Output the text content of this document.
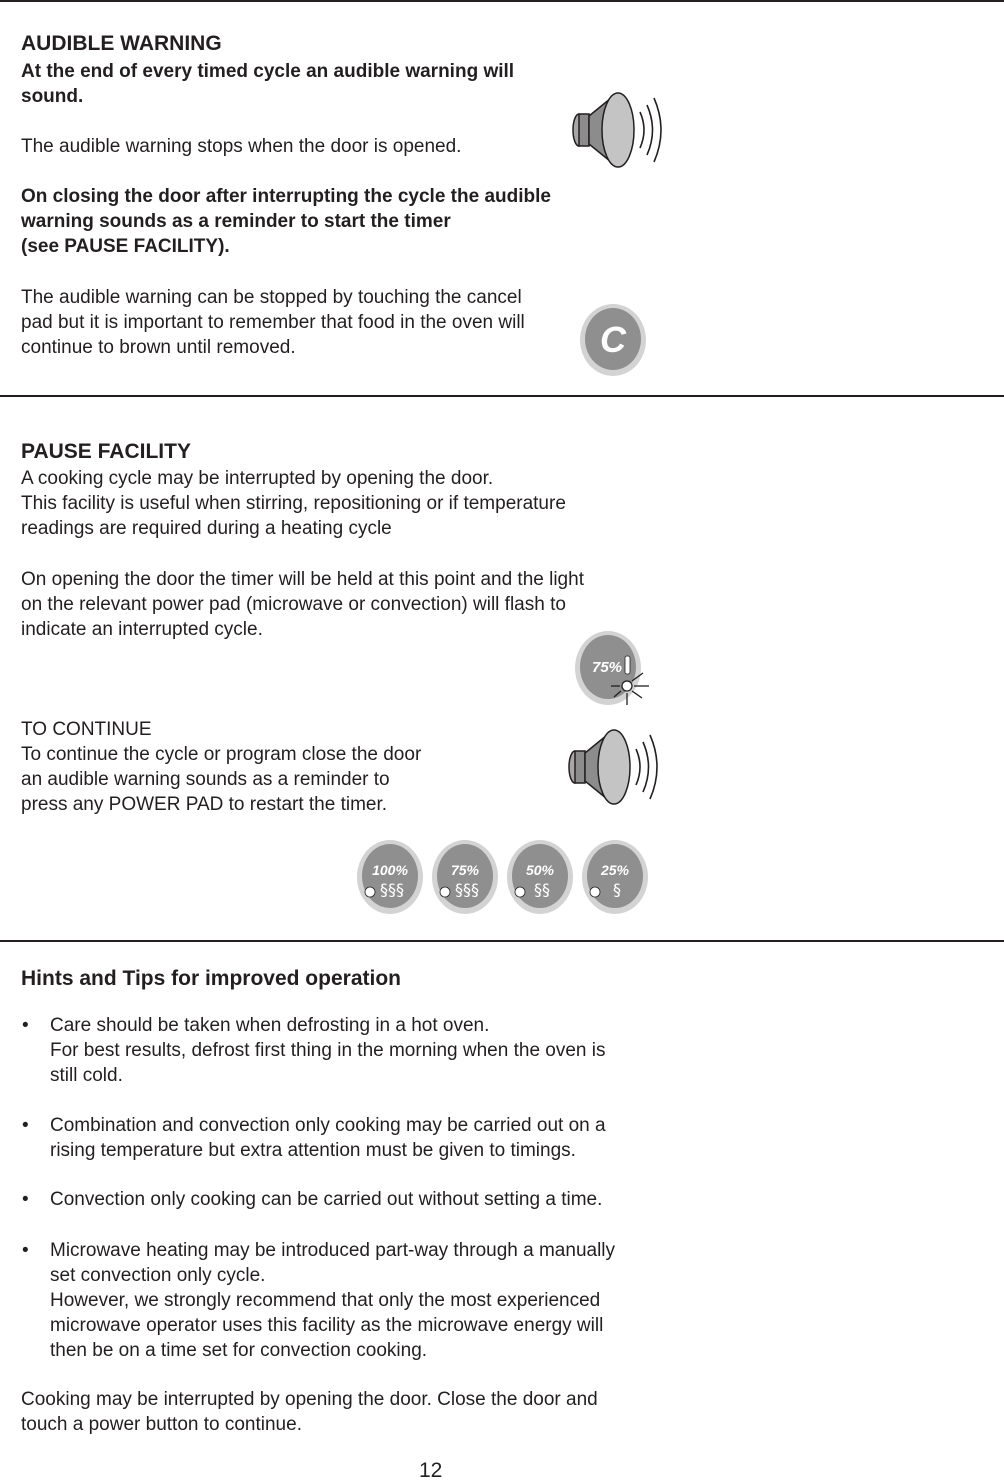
AUDIBLE WARNING

At the end of every timed cycle an audible warning will

sound.

The audible warning stops when the door is opened.

On closing the door after interrupting the cycle the audible

warning sounds as a reminder to start the timer

(see PAUSE FACILITY).

The audible warning can be stopped by touching the cancel

pad but it is important to remember that food in the oven will

continue to brown until removed.	C
PAUSE FACILITY

A cooking cycle may be interrupted by opening the door.

This facility is useful when stirring, repositioning or if temperature

readings are required during a heating cycle

On opening the door the timer will be held at this point and the light

on the relevant power pad (microwave or convection) will flash to

indicate an interrupted cycle.

75%

TO CONTINUE

To continue the cycle or program close the door

an audible warning sounds as a reminder to

press any POWER PAD to restart the timer.

100%
§§§
75%
§§§
50%
§§
25%
§
Hints and Tips for improved operation
• Care should be taken when defrosting in a hot oven.

For best results, defrost first thing in the morning when the oven is

still cold.

• Combination and convection only cooking may be carried out on a

rising temperature but extra attention must be given to timings.

• Convection only cooking can be carried out without setting a time.

• Microwave heating may be introduced part-way through a manually

set convection only cycle.

However, we strongly recommend that only the most experienced

microwave operator uses this facility as the microwave energy will

then be on a time set for convection cooking.

Cooking may be interrupted by opening the door. Close the door and

touch a power button to continue.

12
